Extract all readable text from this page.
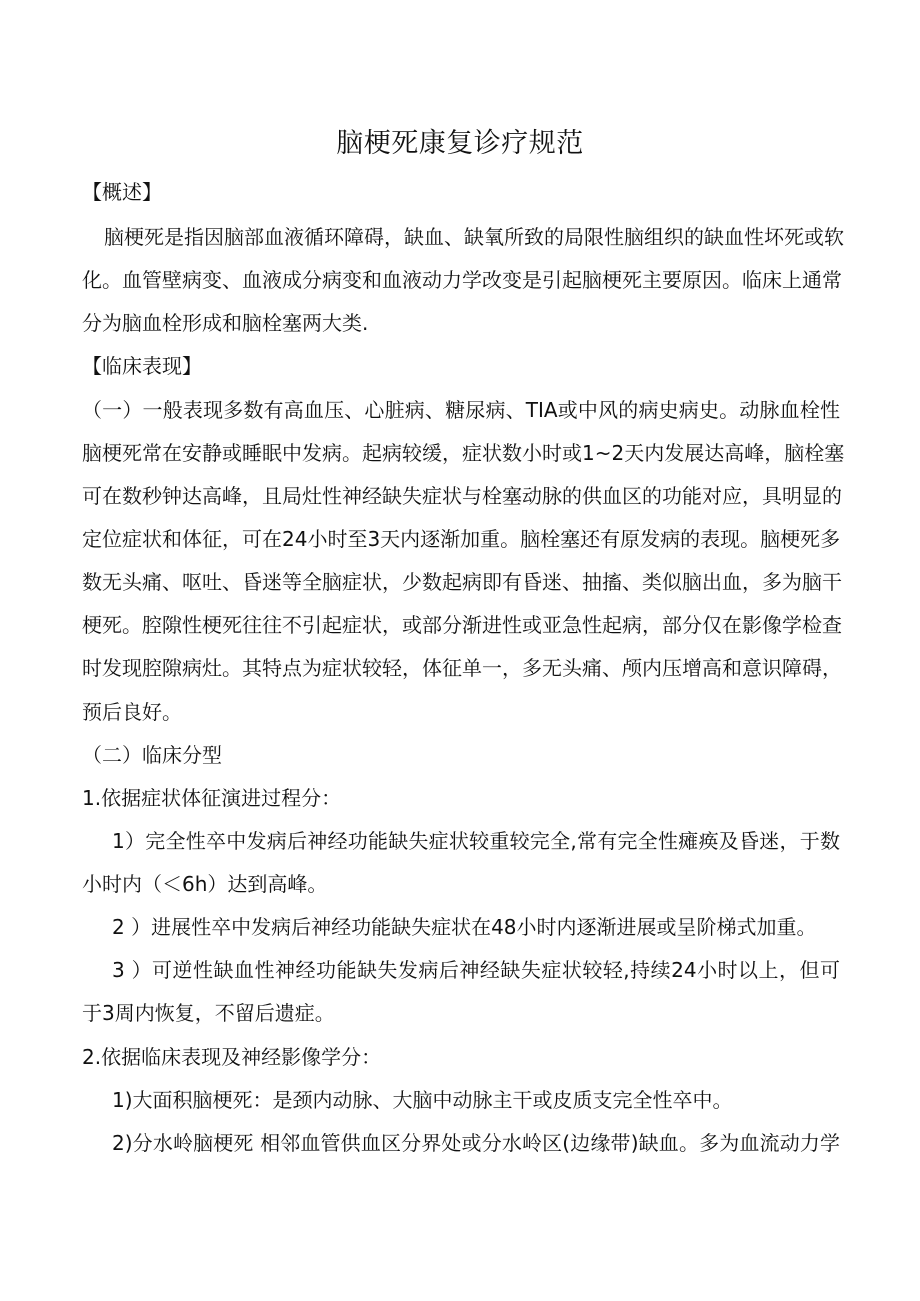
脑梗死康复诊疗规范
【概述】
脑梗死是指因脑部血液循环障碍，缺血、缺氧所致的局限性脑组织的缺血性坏死或软
化。血管壁病变、血液成分病变和血液动力学改变是引起脑梗死主要原因。临床上通常
分为脑血栓形成和脑栓塞两大类.
【临床表现】
（一）一般表现多数有高血压、心脏病、糖尿病、TIA或中风的病史病史。动脉血栓性
脑梗死常在安静或睡眠中发病。起病较缓，症状数小时或1~2天内发展达高峰，脑栓塞
可在数秒钟达高峰，且局灶性神经缺失症状与栓塞动脉的供血区的功能对应，具明显的
定位症状和体征，可在24小时至3天内逐渐加重。脑栓塞还有原发病的表现。脑梗死多
数无头痛、呕吐、昏迷等全脑症状，少数起病即有昏迷、抽搐、类似脑出血，多为脑干
梗死。腔隙性梗死往往不引起症状，或部分渐进性或亚急性起病，部分仅在影像学检查
时发现腔隙病灶。其特点为症状较轻，体征单一，多无头痛、颅内压增高和意识障碍，
预后良好。
（二）临床分型
1.依据症状体征演进过程分：
1）完全性卒中发病后神经功能缺失症状较重较完全,常有完全性瘫痪及昏迷，于数
小时内（＜6h）达到高峰。
2 ）进展性卒中发病后神经功能缺失症状在48小时内逐渐进展或呈阶梯式加重。
3 ）可逆性缺血性神经功能缺失发病后神经缺失症状较轻,持续24小时以上，但可
于3周内恢复，不留后遗症。
2.依据临床表现及神经影像学分：
1)大面积脑梗死：是颈内动脉、大脑中动脉主干或皮质支完全性卒中。
2)分水岭脑梗死 相邻血管供血区分界处或分水岭区(边缘带)缺血。多为血流动力学
